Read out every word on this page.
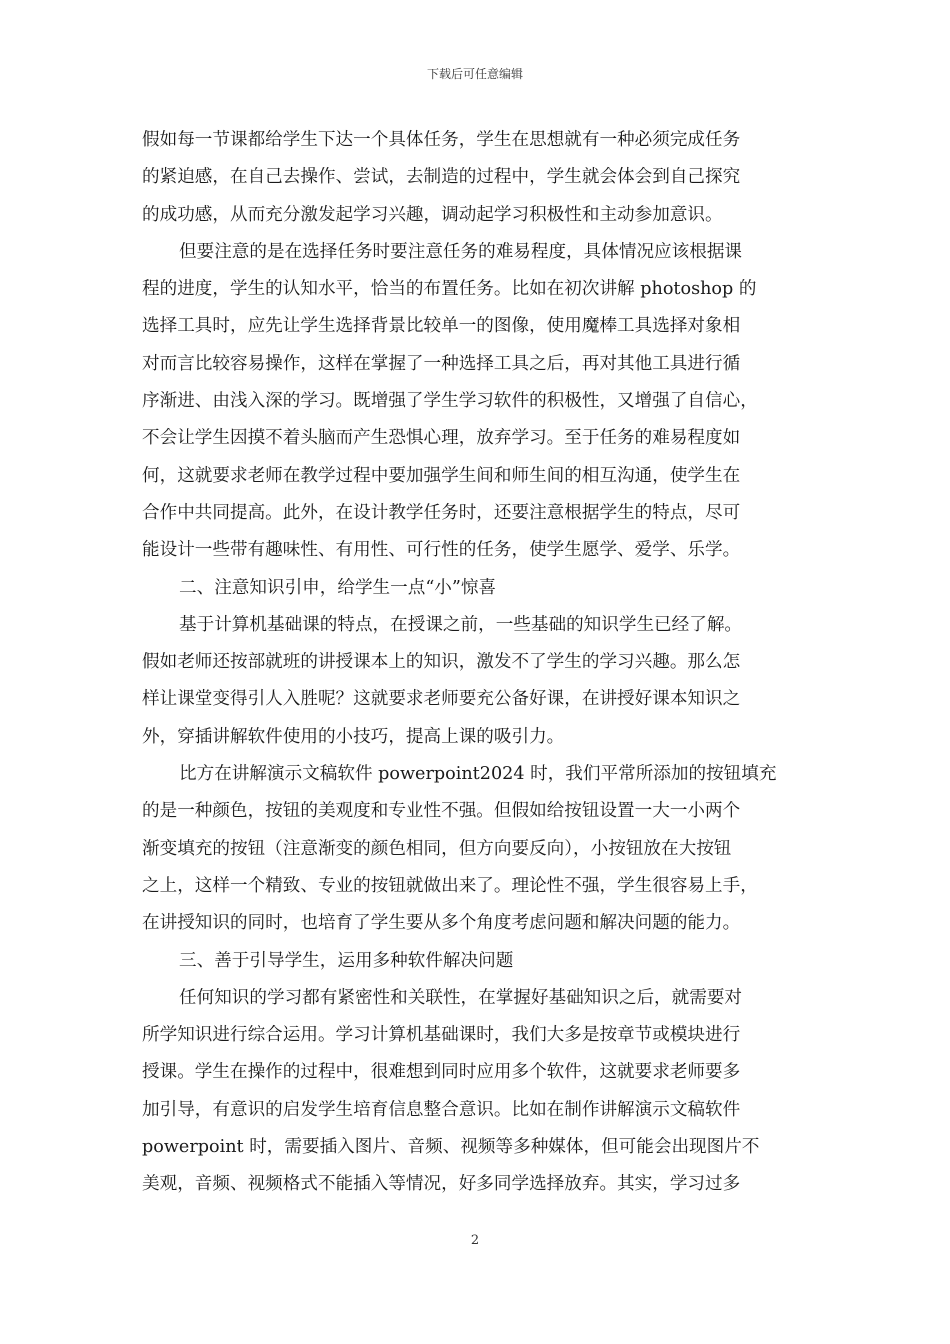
下载后可任意编辑
假如每一节课都给学生下达一个具体任务，学生在思想就有一种必须完成任务
的紧迫感，在自己去操作、尝试，去制造的过程中，学生就会体会到自己探究
的成功感，从而充分激发起学习兴趣，调动起学习积极性和主动参加意识。
但要注意的是在选择任务时要注意任务的难易程度，具体情况应该根据课
程的进度，学生的认知水平，恰当的布置任务。比如在初次讲解 photoshop 的
选择工具时，应先让学生选择背景比较单一的图像，使用魔棒工具选择对象相
对而言比较容易操作，这样在掌握了一种选择工具之后，再对其他工具进行循
序渐进、由浅入深的学习。既增强了学生学习软件的积极性，又增强了自信心，
不会让学生因摸不着头脑而产生恐惧心理，放弃学习。至于任务的难易程度如
何，这就要求老师在教学过程中要加强学生间和师生间的相互沟通，使学生在
合作中共同提高。此外，在设计教学任务时，还要注意根据学生的特点，尽可
能设计一些带有趣味性、有用性、可行性的任务，使学生愿学、爱学、乐学。
二、注意知识引申，给学生一点“小”惊喜
基于计算机基础课的特点，在授课之前，一些基础的知识学生已经了解。
假如老师还按部就班的讲授课本上的知识，激发不了学生的学习兴趣。那么怎
样让课堂变得引人入胜呢？这就要求老师要充公备好课，在讲授好课本知识之
外，穿插讲解软件使用的小技巧，提高上课的吸引力。
比方在讲解演示文稿软件 powerpoint2024 时，我们平常所添加的按钮填充
的是一种颜色，按钮的美观度和专业性不强。但假如给按钮设置一大一小两个
渐变填充的按钮（注意渐变的颜色相同，但方向要反向），小按钮放在大按钮
之上，这样一个精致、专业的按钮就做出来了。理论性不强，学生很容易上手，
在讲授知识的同时，也培育了学生要从多个角度考虑问题和解决问题的能力。
三、善于引导学生，运用多种软件解决问题
任何知识的学习都有紧密性和关联性，在掌握好基础知识之后，就需要对
所学知识进行综合运用。学习计算机基础课时，我们大多是按章节或模块进行
授课。学生在操作的过程中，很难想到同时应用多个软件，这就要求老师要多
加引导，有意识的启发学生培育信息整合意识。比如在制作讲解演示文稿软件
powerpoint 时，需要插入图片、音频、视频等多种媒体，但可能会出现图片不
美观，音频、视频格式不能插入等情况，好多同学选择放弃。其实，学习过多
2
